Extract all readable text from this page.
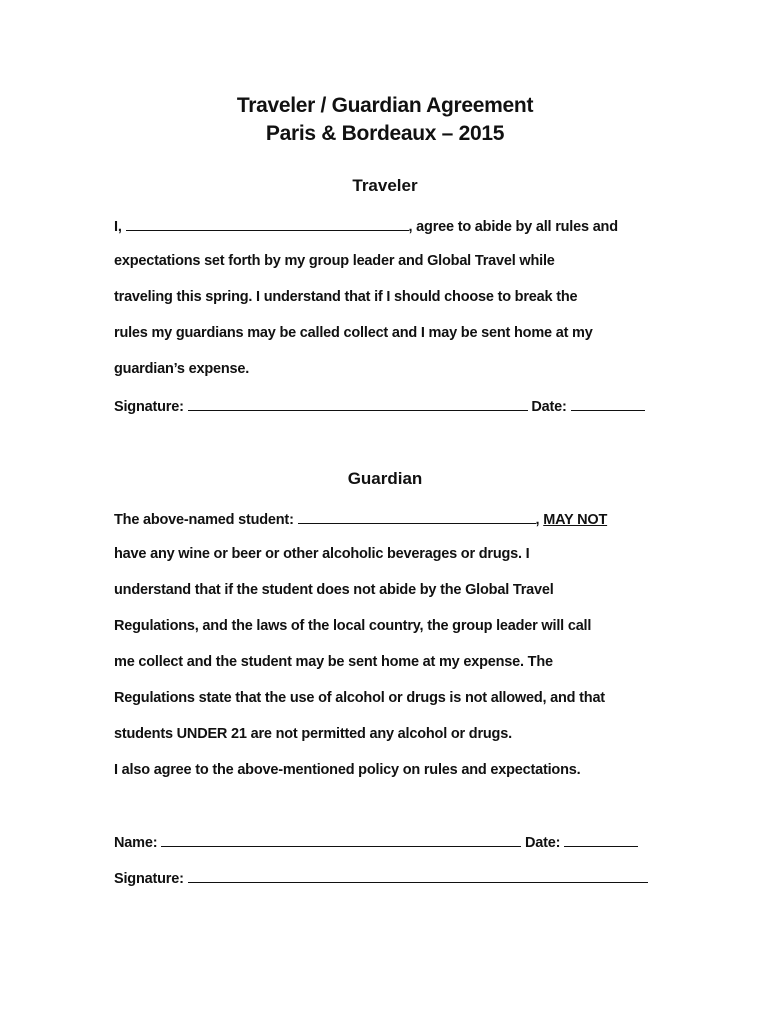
Traveler / Guardian Agreement
Paris & Bordeaux – 2015
Traveler
I,	, agree to abide by all rules and
expectations set forth by my group leader and Global Travel while
traveling this spring. I understand that if I should choose to break the
rules my guardians may be called collect and I may be sent home at my
guardian’s expense.
Signature:	Date:
Guardian
The above-named student:	, MAY NOT
have any wine or beer or other alcoholic beverages or drugs. I
understand that if the student does not abide by the Global Travel
Regulations, and the laws of the local country, the group leader will call
me collect and the student may be sent home at my expense. The
Regulations state that the use of alcohol or drugs is not allowed, and that
students UNDER 21 are not permitted any alcohol or drugs.
I also agree to the above-mentioned policy on rules and expectations.
Name:	Date:
Signature:
